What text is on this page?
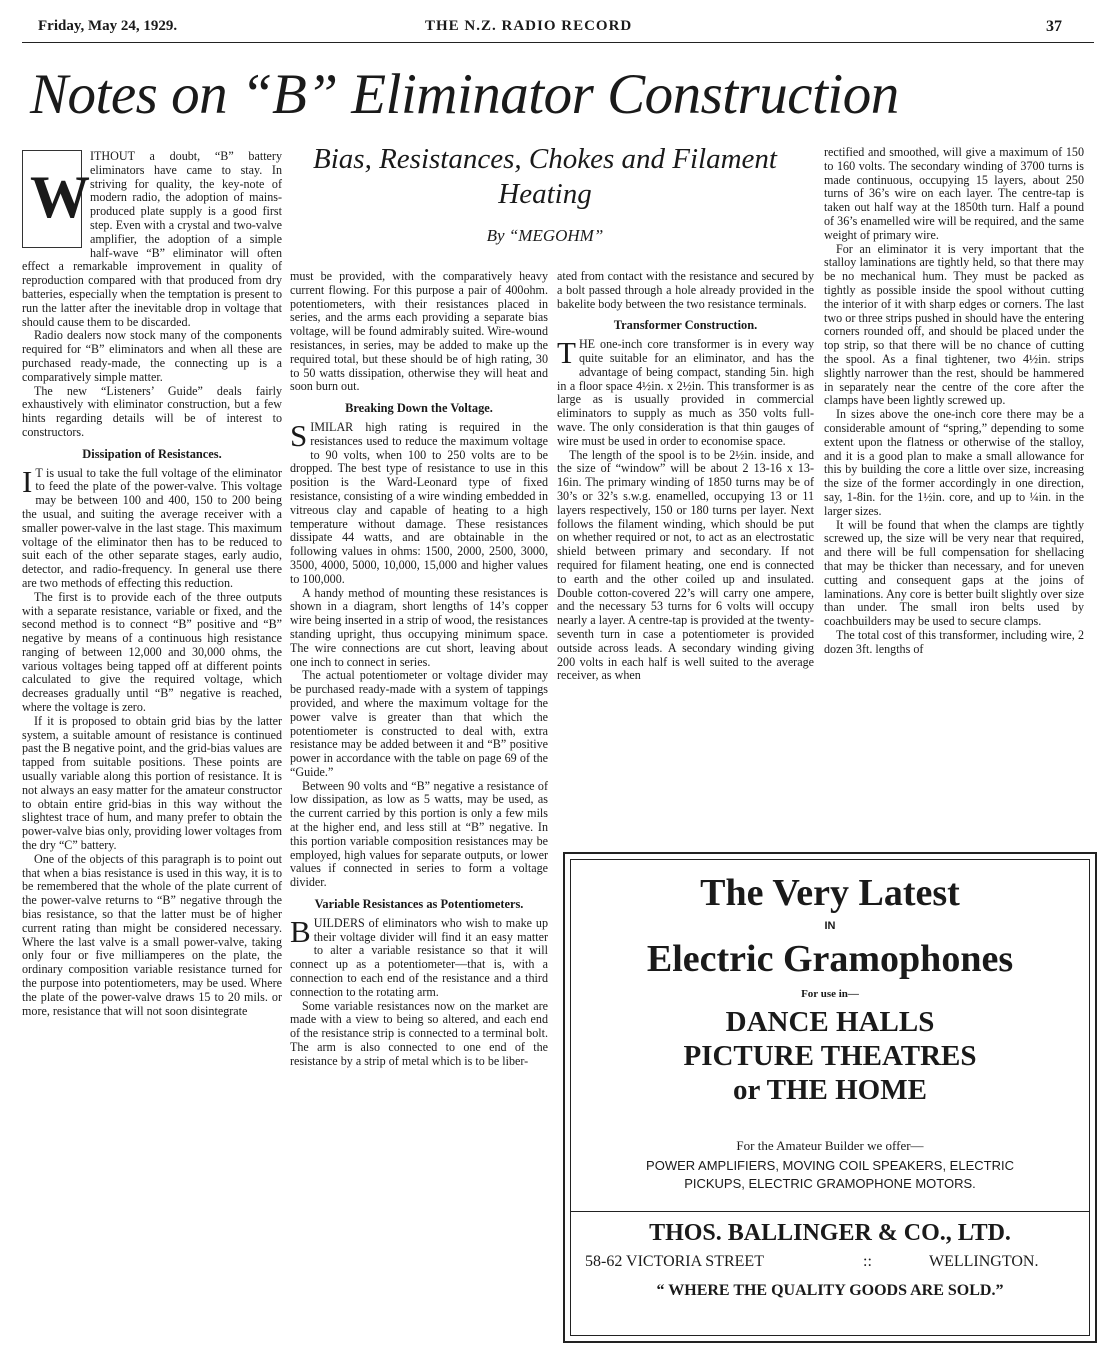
Friday, May 24, 1929.	THE N.Z. RADIO RECORD	37
Notes on “B” Eliminator Construction
W

ITHOUT a doubt, “B” battery eliminators have came to stay. In striving for quality, the key-note of modern radio, the adoption of mains-produced plate supply is a good first step. Even with a crystal and two-valve amplifier, the adoption of a simple half-wave “B” eliminator will often effect a remarkable improvement in quality of reproduction compared with that produced from dry batteries, especially when the temptation is present to run the latter after the inevitable drop in voltage that should cause them to be discarded.

Radio dealers now stock many of the components required for “B” eliminators and when all these are purchased ready-made, the connecting up is a comparatively simple matter.

The new “Listeners’ Guide” deals fairly exhaustively with eliminator construction, but a few hints regarding details will be of interest to constructors.

Dissipation of Resistances.

I T is usual to take the full voltage of the eliminator to feed the plate of the power-valve. This voltage may be between 100 and 400, 150 to 200 being the usual, and suiting the average receiver with a smaller power-valve in the last stage. This maximum voltage of the eliminator then has to be reduced to suit each of the other separate stages, early audio, detector, and radio-frequency. In general use there are two methods of effecting this reduction.

The first is to provide each of the three outputs with a separate resistance, variable or fixed, and the second method is to connect “B” positive and “B” negative by means of a continuous high resistance ranging of between 12,000 and 30,000 ohms, the various voltages being tapped off at different points calculated to give the required voltage, which decreases gradually until “B” negative is reached, where the voltage is zero.

If it is proposed to obtain grid bias by the latter system, a suitable amount of resistance is continued past the B negative point, and the grid-bias values are tapped from suitable positions. These points are usually variable along this portion of resistance. It is not always an easy matter for the amateur constructor to obtain entire grid-bias in this way without the slightest trace of hum, and many prefer to obtain the power-valve bias only, providing lower voltages from the dry “C” battery.

One of the objects of this paragraph is to point out that when a bias resistance is used in this way, it is to be remembered that the whole of the plate current of the power-valve returns to “B” negative through the bias resistance, so that the latter must be of higher current rating than might be considered necessary. Where the last valve is a small power-valve, taking only four or five milliamperes on the plate, the ordinary composition variable resistance turned for the purpose into potentiometers, may be used. Where the plate of the power-valve draws 15 to 20 mils. or more, resistance that will not soon disintegrate

Bias, Resistances, Chokes and Filament Heating
By “MEGOHM”

must be provided, with the comparatively heavy current flowing. For this purpose a pair of 400ohm. potentiometers, with their resistances placed in series, and the arms each providing a separate bias voltage, will be found admirably suited. Wire-wound resistances, in series, may be added to make up the required total, but these should be of high rating, 30 to 50 watts dissipation, otherwise they will heat and soon burn out.

Breaking Down the Voltage.

SIMILAR high rating is required in the resistances used to reduce the maximum voltage to 90 volts, when 100 to 250 volts are to be dropped. The best type of resistance to use in this position is the Ward-Leonard type of fixed resistance, consisting of a wire winding embedded in vitreous clay and capable of heating to a high temperature without damage. These resistances dissipate 44 watts, and are obtainable in the following values in ohms: 1500, 2000, 2500, 3000, 3500, 4000, 5000, 10,000, 15,000 and higher values to 100,000.

A handy method of mounting these resistances is shown in a diagram, short lengths of 14’s copper wire being inserted in a strip of wood, the resistances standing upright, thus occupying minimum space. The wire connections are cut short, leaving about one inch to connect in series.

The actual potentiometer or voltage divider may be purchased ready-made with a system of tappings provided, and where the maximum voltage for the power valve is greater than that which the potentiometer is constructed to deal with, extra resistance may be added between it and “B” positive power in accordance with the table on page 69 of the “Guide.”

Between 90 volts and “B” negative a resistance of low dissipation, as low as 5 watts, may be used, as the current carried by this portion is only a few mils at the higher end, and less still at “B” negative. In this portion variable composition resistances may be employed, high values for separate outputs, or lower values if connected in series to form a voltage divider.

Variable Resistances as Potentiometers.

BUILDERS of eliminators who wish to make up their voltage divider will find it an easy matter to alter a variable resistance so that it will connect up as a potentiometer—that is, with a connection to each end of the resistance and a third connection to the rotating arm.

Some variable resistances now on the market are made with a view to being so altered, and each end of the resistance strip is connected to a terminal bolt. The arm is also connected to one end of the resistance by a strip of metal which is to be liber-

ated from contact with the resistance and secured by a bolt passed through a hole already provided in the bakelite body between the two resistance terminals.

Transformer Construction.

THE one-inch core transformer is in every way quite suitable for an eliminator, and has the advantage of being compact, standing 5in. high in a floor space 4½in. x 2½in. This transformer is as large as is usually provided in commercial eliminators to supply as much as 350 volts full-wave. The only consideration is that thin gauges of wire must be used in order to economise space.

The length of the spool is to be 2½in. inside, and the size of “window” will be about 2 13-16 x 13-16in. The primary winding of 1850 turns may be of 30’s or 32’s s.w.g. enamelled, occupying 13 or 11 layers respectively, 150 or 180 turns per layer. Next follows the filament winding, which should be put on whether required or not, to act as an electrostatic shield between primary and secondary. If not required for filament heating, one end is connected to earth and the other coiled up and insulated. Double cotton-covered 22’s will carry one ampere, and the necessary 53 turns for 6 volts will occupy nearly a layer. A centre-tap is provided at the twenty-seventh turn in case a potentiometer is provided outside across leads. A secondary winding giving 200 volts in each half is well suited to the average receiver, as when

rectified and smoothed, will give a maximum of 150 to 160 volts. The secondary winding of 3700 turns is made continuous, occupying 15 layers, about 250 turns of 36’s wire on each layer. The centre-tap is taken out half way at the 1850th turn. Half a pound of 36’s enamelled wire will be required, and the same weight of primary wire.

For an eliminator it is very important that the stalloy laminations are tightly held, so that there may be no mechanical hum. They must be packed as tightly as possible inside the spool without cutting the interior of it with sharp edges or corners. The last two or three strips pushed in should have the entering corners rounded off, and should be placed under the top strip, so that there will be no chance of cutting the spool. As a final tightener, two 4½in. strips slightly narrower than the rest, should be hammered in separately near the centre of the core after the clamps have been lightly screwed up.

In sizes above the one-inch core there may be a considerable amount of “spring,” depending to some extent upon the flatness or otherwise of the stalloy, and it is a good plan to make a small allowance for this by building the core a little over size, increasing the size of the former accordingly in one direction, say, 1-8in. for the 1½in. core, and up to ¼in. in the larger sizes.

It will be found that when the clamps are tightly screwed up, the size will be very near that required, and there will be full compensation for shellacing that may be thicker than necessary, and for uneven cutting and consequent gaps at the joins of laminations. Any core is better built slightly over size than under. The small iron belts used by coachbuilders may be used to secure clamps.

The total cost of this transformer, including wire, 2 dozen 3ft. lengths of

The Very Latest
IN
Electric Gramophones
For use in—
DANCE HALLS
PICTURE THEATRES
or THE HOME
For the Amateur Builder we offer—
POWER AMPLIFIERS, MOVING COIL SPEAKERS, ELECTRIC
PICKUPS, ELECTRIC GRAMOPHONE MOTORS.
THOS. BALLINGER & CO., LTD.
58-62 VICTORIA STREET	::	WELLINGTON.
“ WHERE THE QUALITY GOODS ARE SOLD.”
